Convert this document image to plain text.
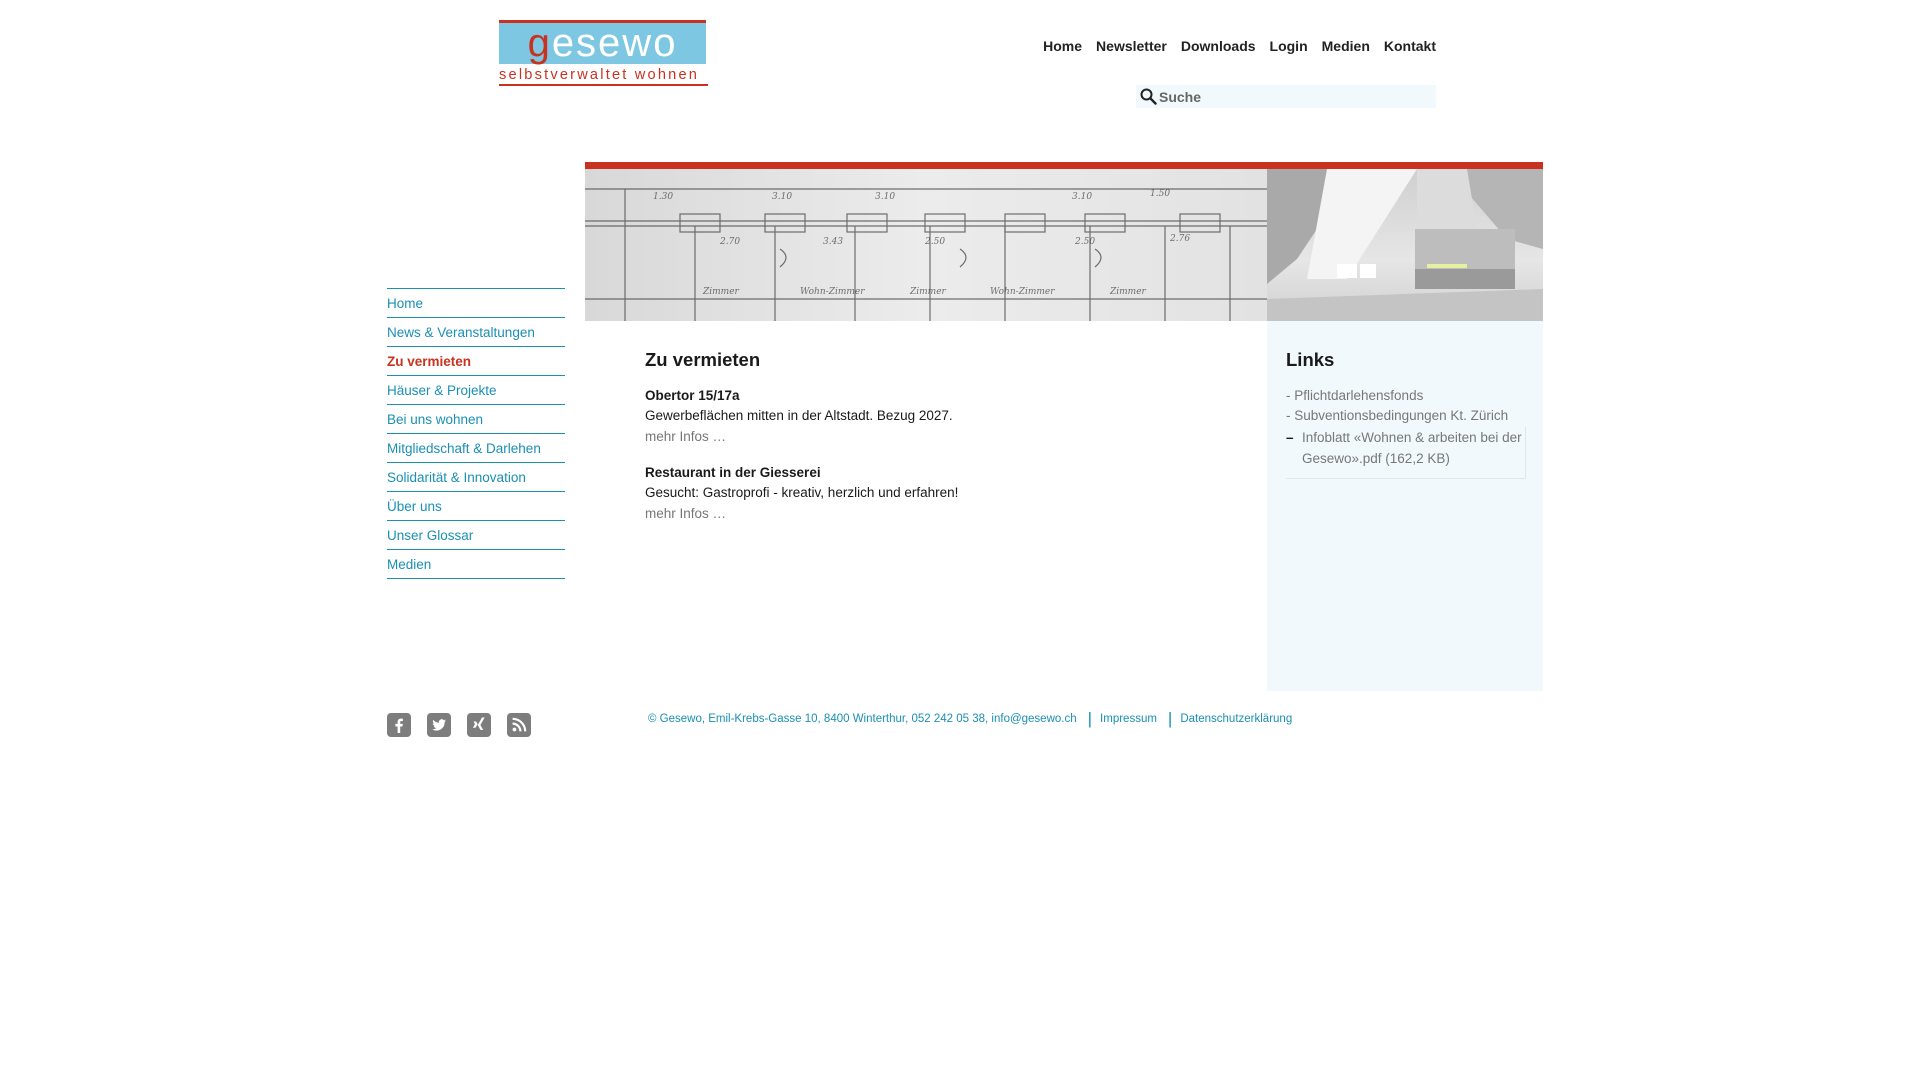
gesewo
selbstverwaltet wohnen
Home Newsletter Downloads Login Medien Kontakt
Suche
Zimmer	Wohn-Zimmer	Zimmer	Wohn-Zimmer	Zimmer
1.30	3.10	3.10	3.10	1.50
2.70	3.43	2.50	2.50	2.76
Home
News & Veranstaltungen
Zu vermieten
Häuser & Projekte
Bei uns wohnen
Mitgliedschaft & Darlehen
Solidarität & Innovation
Über uns
Unser Glossar
Medien
Zu vermieten
Obertor 15/17a
Gewerbeflächen mitten in der Altstadt. Bezug 2027.
mehr Infos …
Restaurant in der Giesserei
Gesucht: Gastroprofi - kreativ, herzlich und erfahren!
mehr Infos …
Links
- Pflichtdarlehensfonds
- Subventionsbedingungen Kt. Zürich
– Infoblatt «Wohnen & arbeiten bei der Gesewo».pdf (162,2 KB)
© Gesewo, Emil-Krebs-Gasse 10, 8400 Winterthur, 052 242 05 38, info@gesewo.ch | Impressum | Datenschutzerklärung
